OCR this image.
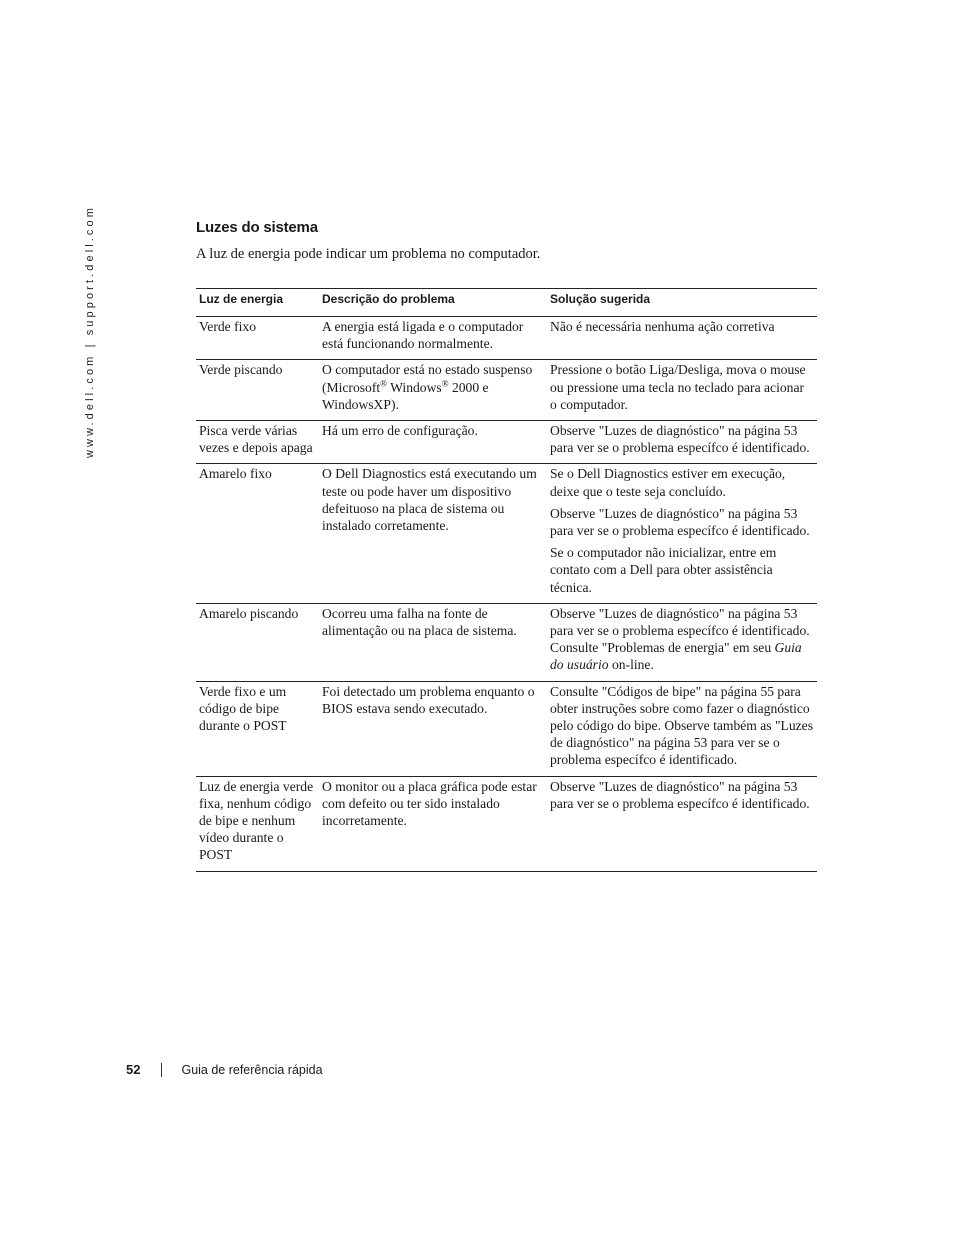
www.dell.com | support.dell.com	Luzes do sistema

A luz de energia pode indicar um problema no computador.

Luz de energia	Descrição do problema	Solução sugerida
Verde fixo	A energia está ligada e o computador está funcionando normalmente.	Não é necessária nenhuma ação corretiva

Verde piscando	O computador está no estado suspenso (Microsoft® Windows® 2000 e WindowsXP).	Pressione o botão Liga/Desliga, mova o mouse ou pressione uma tecla no teclado para acionar o computador.

Pisca verde várias vezes e depois apaga	Há um erro de configuração.	Observe "Luzes de diagnóstico" na página 53 para ver se o problema específco é identificado.

Amarelo fixo	O Dell Diagnostics está executando um teste ou pode haver um dispositivo defeituoso na placa de sistema ou instalado corretamente.	Se o Dell Diagnostics estiver em execução, deixe que o teste seja concluído.
Observe "Luzes de diagnóstico" na página 53 para ver se o problema específco é identificado.
Se o computador não inicializar, entre em contato com a Dell para obter assistência técnica.

Amarelo piscando	Ocorreu uma falha na fonte de alimentação ou na placa de sistema.	Observe "Luzes de diagnóstico" na página 53 para ver se o problema específco é identificado. Consulte "Problemas de energia" em seu Guia do usuário on-line.
Verde fixo e um código de bipe durante o POST	Foi detectado um problema enquanto o BIOS estava sendo executado.	Consulte "Códigos de bipe" na página 55 para obter instruções sobre como fazer o diagnóstico pelo código do bipe. Observe também as "Luzes de diagnóstico" na página 53 para ver se o problema específco é identificado.

Luz de energia verde fixa, nenhum código de bipe e nenhum vídeo durante o POST	O monitor ou a placa gráfica pode estar com defeito ou ter sido instalado incorretamente.	Observe "Luzes de diagnóstico" na página 53 para ver se o problema específco é identificado.
52	Guia de referência rápida
